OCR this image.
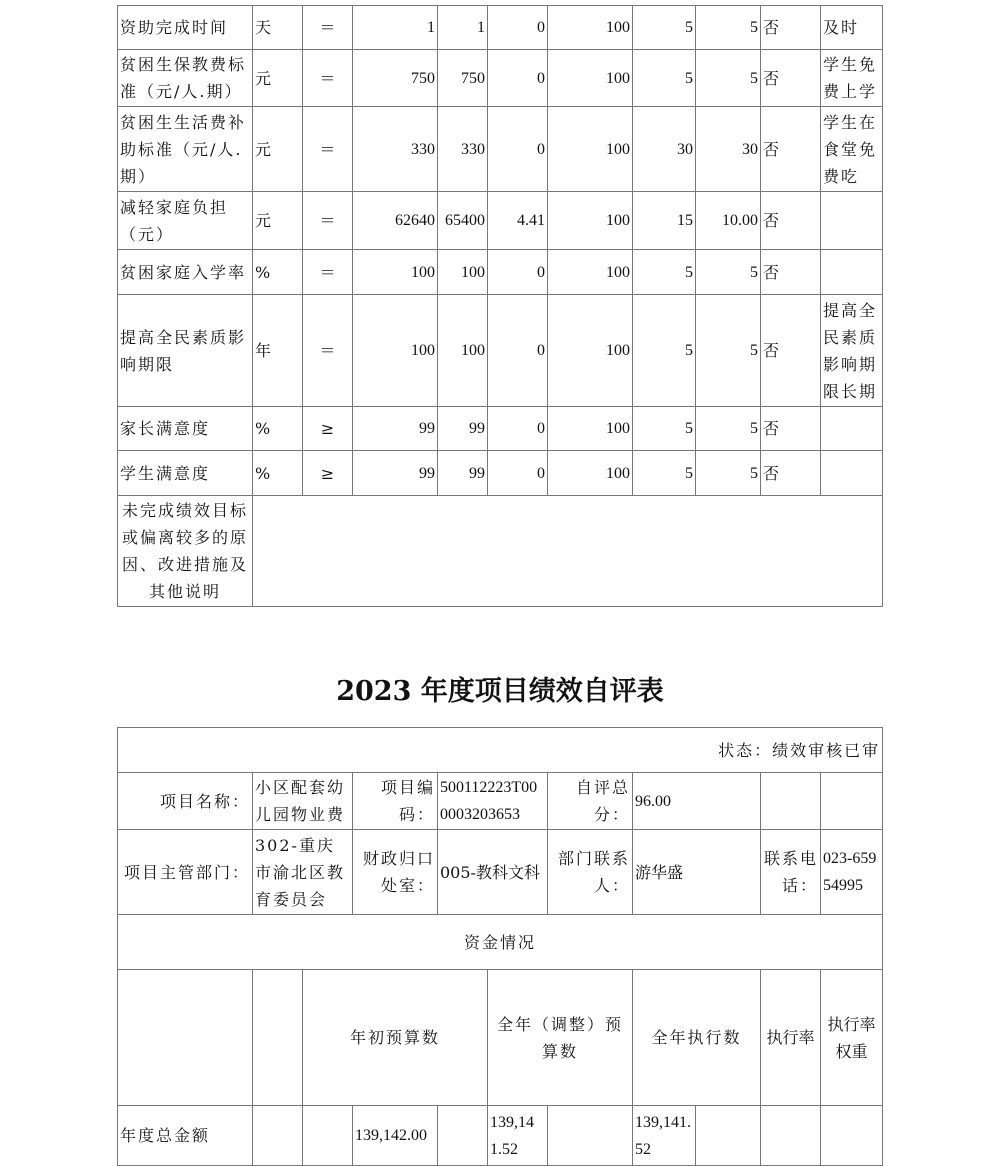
资助完成时间	天	＝	1	1	0	100	5	5	否	及时
贫困生保教费标准（元/人.期）	元	＝	750	750	0	100	5	5	否	学生免费上学
贫困生生活费补助标准（元/人.期）	元	＝	330	330	0	100	30	30	否	学生在食堂免费吃
减轻家庭负担（元）	元	＝	62640	65400	4.41	100	15	10.00	否	
贫困家庭入学率	%	＝	100	100	0	100	5	5	否	
提高全民素质影响期限	年	＝	100	100	0	100	5	5	否	提高全民素质影响期限长期
家长满意度	%	≥	99	99	0	100	5	5	否	
学生满意度	%	≥	99	99	0	100	5	5	否	
未完成绩效目标或偏离较多的原因、改进措施及其他说明										
2023 年度项目绩效自评表
状态：绩效审核已审											
项目名称：	小区配套幼儿园物业费		项目编码：	500112223T000003203653		自评总分：	96.00				
项目主管部门：	302-重庆市渝北区教育委员会		财政归口处室：	005-教科文科		部门联系人：	游华盛		联系电话：	023-65954995	
资金情况											
		年初预算数			全年（调整）预算数		全年执行数		执行率	执行率权重	
年度总金额			139,142.00		139,141.52		139,141.52				
